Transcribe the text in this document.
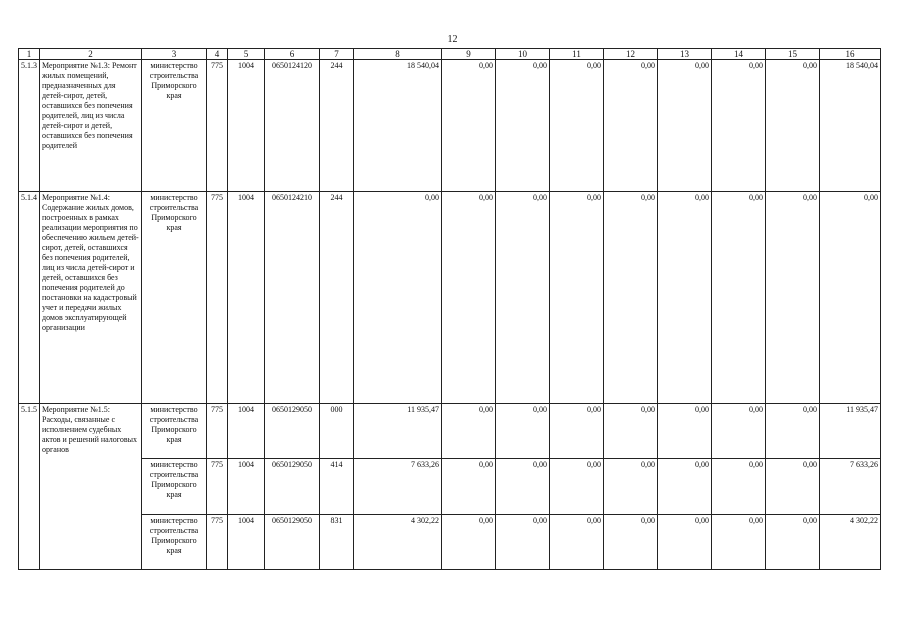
12
1	2	3	4	5	6	7	8	9	10	11	12	13	14	15	16
5.1.3	Мероприятие №1.3: Ремонт жилых помещений, предназначенных для детей-сирот, детей, оставшихся без попечения родителей, лиц из числа детей-сирот и детей, оставшихся без попечения родителей	министерство строительства Приморского края	775	1004	0650124120	244	18 540,04	0,00	0,00	0,00	0,00	0,00	0,00	0,00	18 540,04
5.1.4	Мероприятие №1.4: Содержание жилых домов, построенных в рамках реализации мероприятия по обеспечению жильем детей-сирот, детей, оставшихся без попечения родителей, лиц из числа детей-сирот и детей, оставшихся без попечения родителей до постановки на кадастровый учет и передачи жилых домов эксплуатирующей организации	министерство строительства Приморского края	775	1004	0650124210	244	0,00	0,00	0,00	0,00	0,00	0,00	0,00	0,00	0,00
5.1.5	Мероприятие №1.5: Расходы, связанные с исполнением судебных актов и решений налоговых органов	министерство строительства Приморского края	775	1004	0650129050	000	11 935,47	0,00	0,00	0,00	0,00	0,00	0,00	0,00	11 935,47
		министерство строительства Приморского края	775	1004	0650129050	414	7 633,26	0,00	0,00	0,00	0,00	0,00	0,00	0,00	7 633,26
		министерство строительства Приморского края	775	1004	0650129050	831	4 302,22	0,00	0,00	0,00	0,00	0,00	0,00	0,00	4 302,22
